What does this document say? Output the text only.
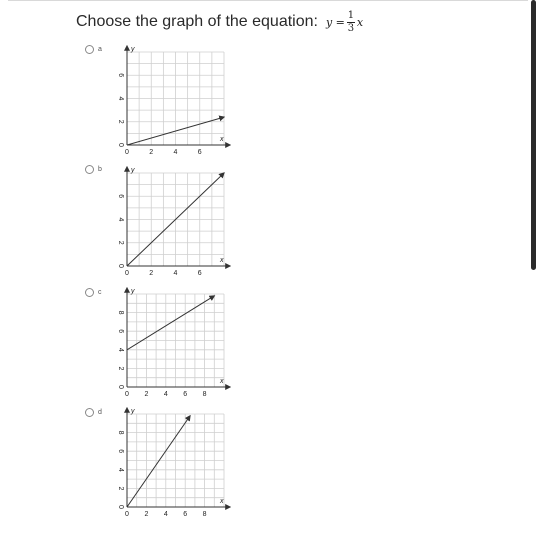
Choose the graph of the equation: $y = \frac{1}{3}$ x
a	y
x
0	2	4	6
0
2
4
6
b	y
x
0	2	4	6
0
2
4
6
c	y
x
0 2 4 6 8
0
2
4
6
8
d	y
x
0 2 4 6 8
0
2
4
6
8
